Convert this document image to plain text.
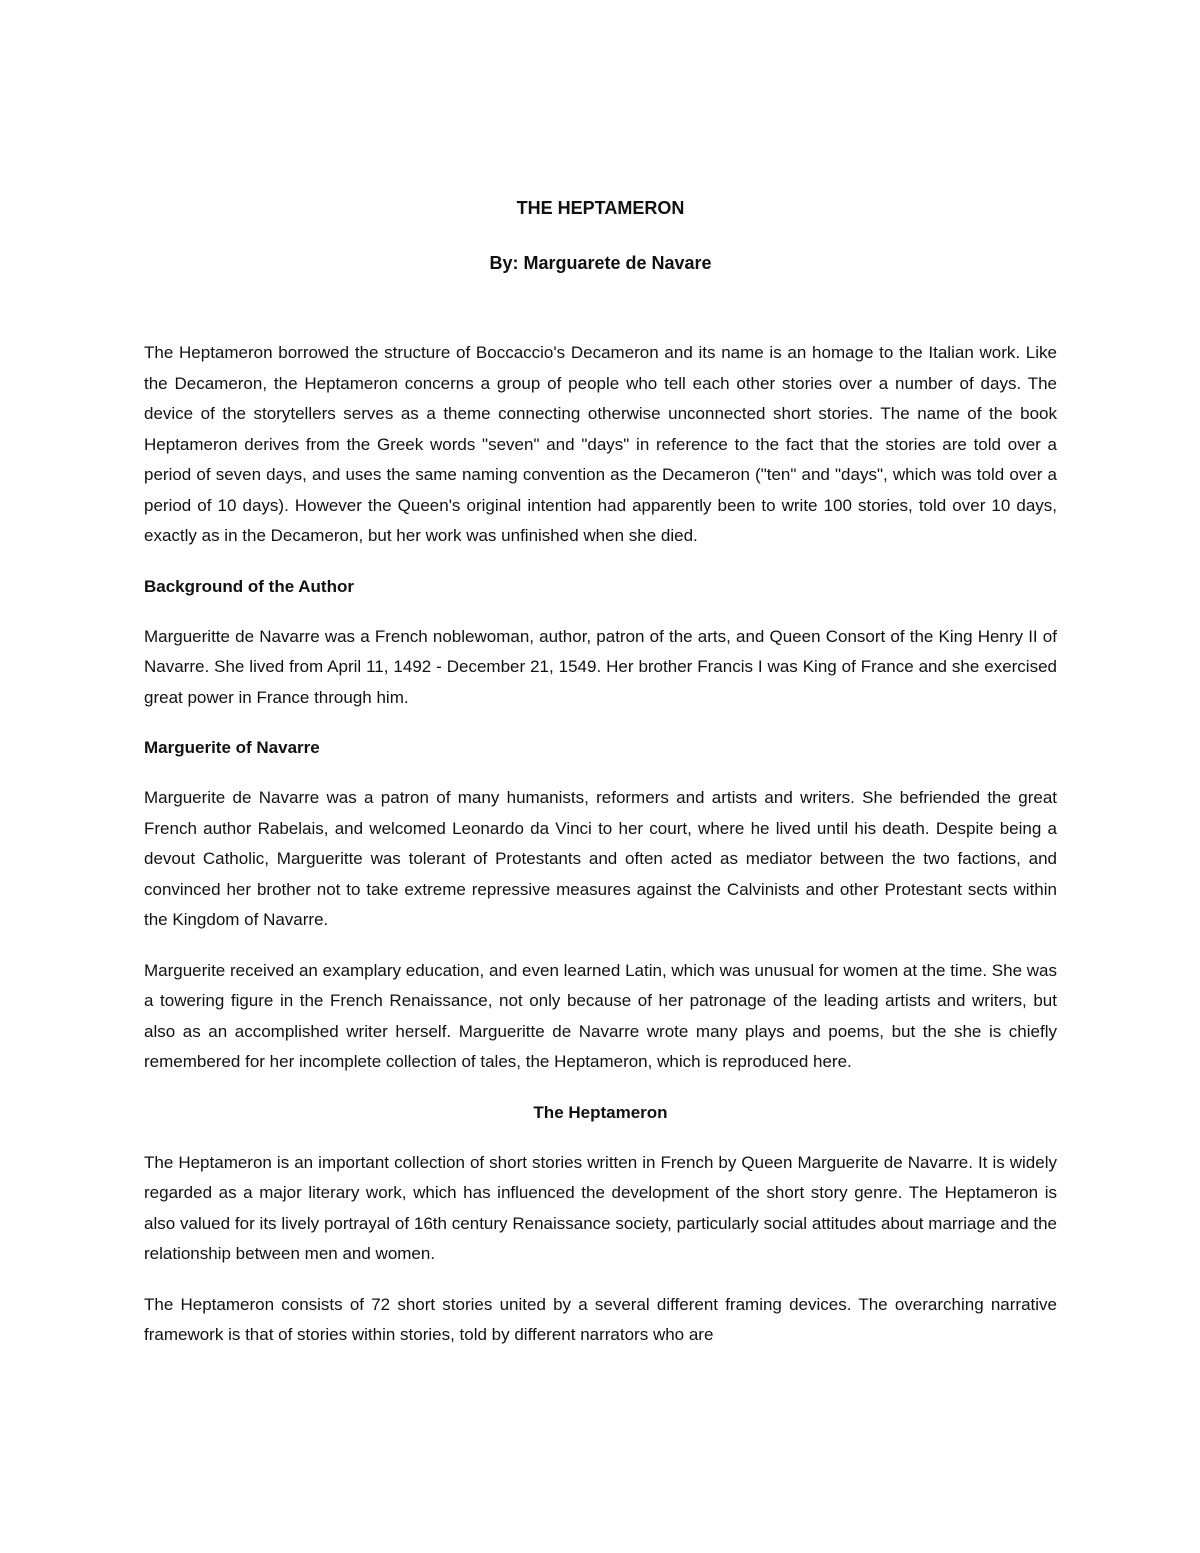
THE HEPTAMERON
By: Marguarete de Navare

The Heptameron borrowed the structure of Boccaccio's Decameron and its name is an homage to the Italian work. Like the Decameron, the Heptameron concerns a group of people who tell each other stories over a number of days. The device of the storytellers serves as a theme connecting otherwise unconnected short stories. The name of the book Heptameron derives from the Greek words "seven" and "days" in reference to the fact that the stories are told over a period of seven days, and uses the same naming convention as the Decameron ("ten" and "days", which was told over a period of 10 days). However the Queen's original intention had apparently been to write 100 stories, told over 10 days, exactly as in the Decameron, but her work was unfinished when she died.

Background of the Author

Margueritte de Navarre was a French noblewoman, author, patron of the arts, and Queen Consort of the King Henry II of Navarre. She lived from April 11, 1492 - December 21, 1549. Her brother Francis I was King of France and she exercised great power in France through him.

Marguerite of Navarre

Marguerite de Navarre was a patron of many humanists, reformers and artists and writers. She befriended the great French author Rabelais, and welcomed Leonardo da Vinci to her court, where he lived until his death. Despite being a devout Catholic, Margueritte was tolerant of Protestants and often acted as mediator between the two factions, and convinced her brother not to take extreme repressive measures against the Calvinists and other Protestant sects within the Kingdom of Navarre.

Marguerite received an examplary education, and even learned Latin, which was unusual for women at the time. She was a towering figure in the French Renaissance, not only because of her patronage of the leading artists and writers, but also as an accomplished writer herself. Margueritte de Navarre wrote many plays and poems, but the she is chiefly remembered for her incomplete collection of tales, the Heptameron, which is reproduced here.

The Heptameron

The Heptameron is an important collection of short stories written in French by Queen Marguerite de Navarre. It is widely regarded as a major literary work, which has influenced the development of the short story genre. The Heptameron is also valued for its lively portrayal of 16th century Renaissance society, particularly social attitudes about marriage and the relationship between men and women.

The Heptameron consists of 72 short stories united by a several different framing devices. The overarching narrative framework is that of stories within stories, told by different narrators who are
